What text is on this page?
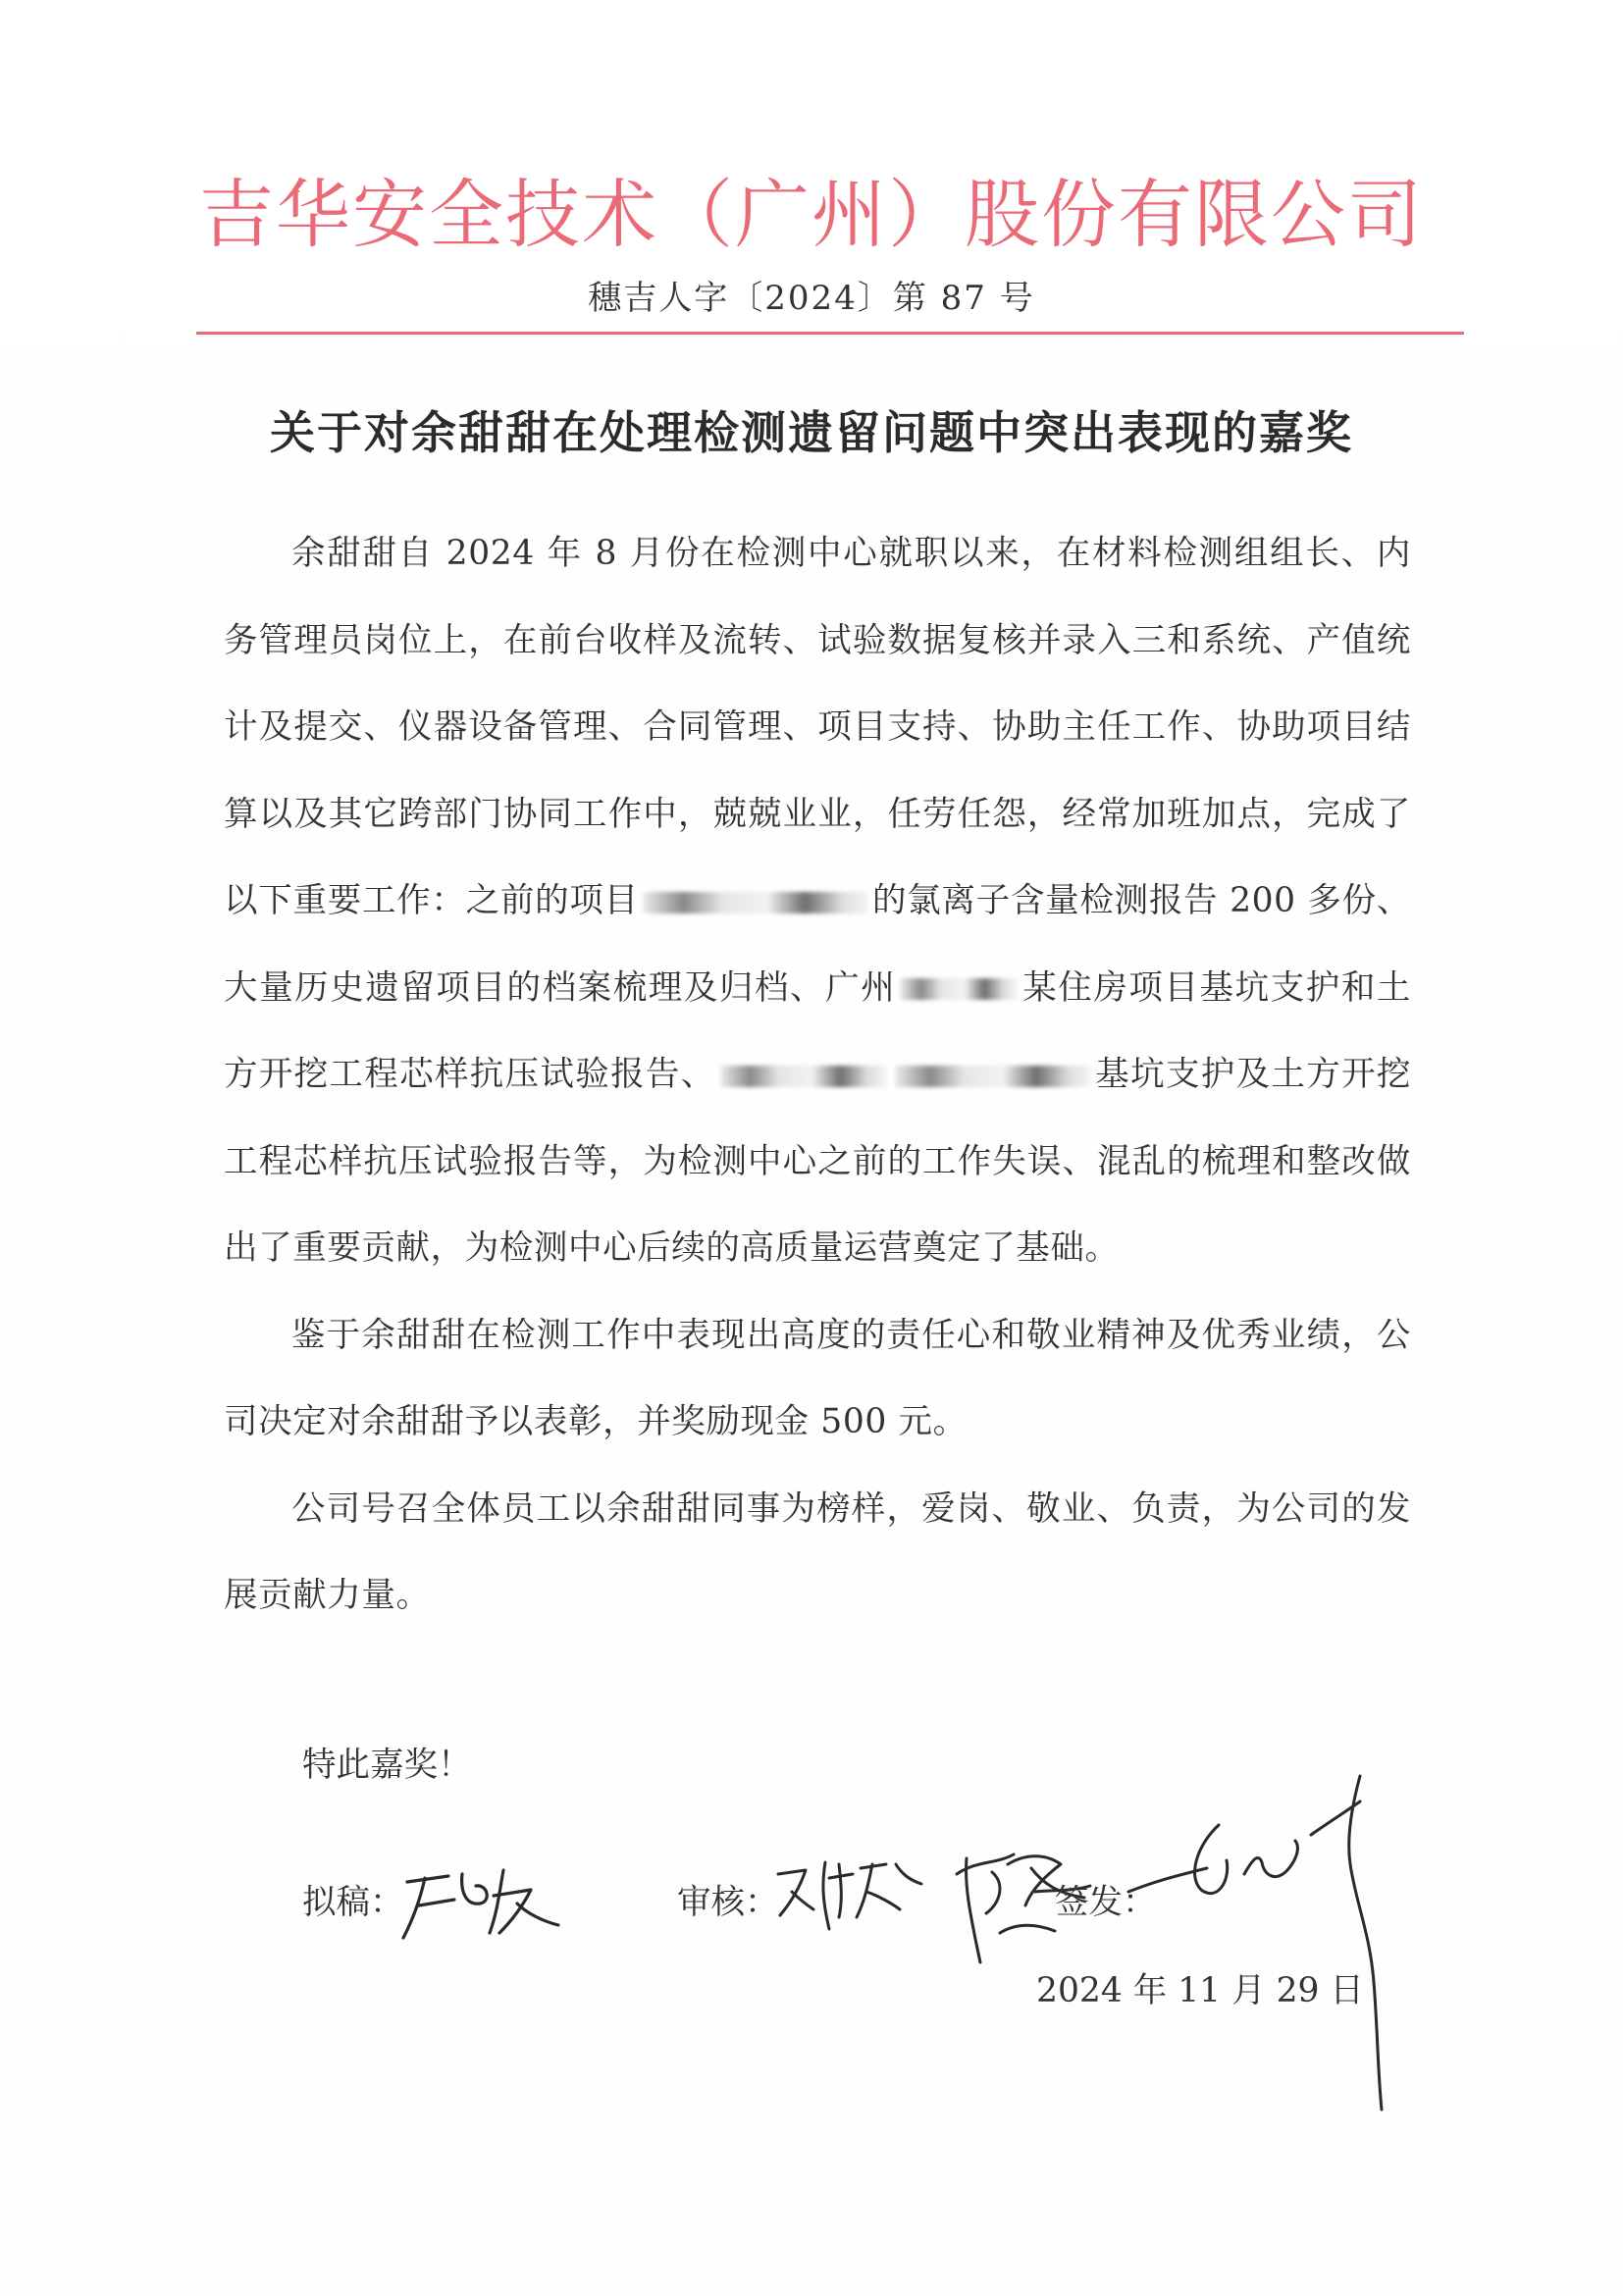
吉华安全技术（广州）股份有限公司
穗吉人字〔2024〕第 87 号
关于对余甜甜在处理检测遗留问题中突出表现的嘉奖

余甜甜自 2024 年 8 月份在检测中心就职以来，在材料检测组组长、内务管理员岗位上，在前台收样及流转、试验数据复核并录入三和系统、产值统计及提交、仪器设备管理、合同管理、项目支持、协助主任工作、协助项目结算以及其它跨部门协同工作中，兢兢业业，任劳任怨，经常加班加点，完成了以下重要工作：之前的项目	的氯离子含量检测报告 200 多份、大量历史遗留项目的档案梳理及归档、广州	某住房项目基坑支护和土方开挖工程芯样抗压试验报告、	基坑支护及土方开挖工程芯样抗压试验报告等，为检测中心之前的工作失误、混乱的梳理和整改做出了重要贡献，为检测中心后续的高质量运营奠定了基础。

鉴于余甜甜在检测工作中表现出高度的责任心和敬业精神及优秀业绩，公司决定对余甜甜予以表彰，并奖励现金 500 元。

公司号召全体员工以余甜甜同事为榜样，爱岗、敬业、负责，为公司的发展贡献力量。

特此嘉奖！
拟稿：	审核：	签发：
2024 年 11 月 29 日
